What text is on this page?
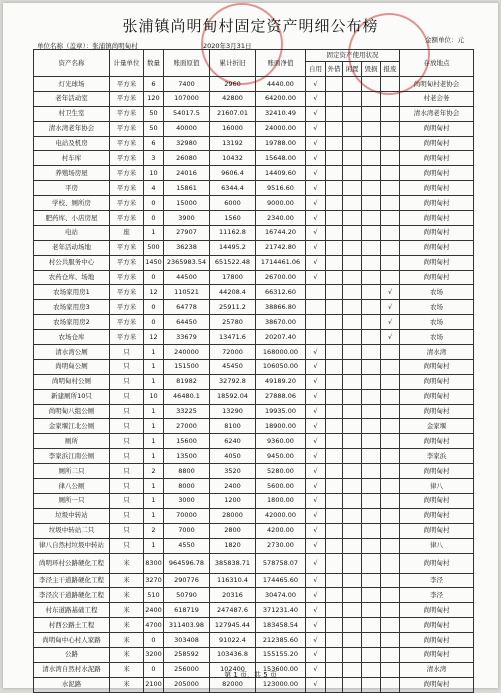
张浦镇尚明甸村固定资产明细公布榜
单位名称（盖章）：张浦镇尚明甸村	2020年3月31日
金额单位：元
资产名称	计量单位	数量	账面原值	累计折旧	账面净值	固定资产使用状况					存放地点
						自用	外借	闲置	毁损	报废	
灯光球场	平方米	6	7400	2960	4440.00	√					尚明甸村老协会
老年活动室	平方米	120	107000	42800	64200.00	√					村老会务
村卫生室	平方米	50	54017.5	21607.01	32410.49	√					清水湾老年协会
清水湾老年协会	平方米	50	40000	16000	24000.00	√					尚明甸村
电站及机房	平方米	6	32980	13192	19788.00	√					尚明甸村
村车库	平方米	3	26080	10432	15648.00	√					尚明甸村
养殖场房屋	平方米	10	24016	9606.4	14409.60	√					尚明甸村
平房	平方米	4	15861	6344.4	9516.60	√					尚明甸村
学校、厕所房	平方米	0	15000	6000	9000.00	√					尚明甸村
肥药库、小店房屋	平方米	0	3900	1560	2340.00	√					尚明甸村
电站	座	1	27907	11162.8	16744.20	√					尚明甸村
老年活动场地	平方米	500	36238	14495.2	21742.80	√					尚明甸村
村公共服务中心	平方米	1450	2365983.54	651522.48	1714461.06	√					尚明甸村
农药仓库、场地	平方米	0	44500	17800	26700.00	√					尚明甸村
农场家用房1	平方米	12	110521	44208.4	66312.60					√	农场
农场家用房3	平方米	0	64778	25911.2	38866.80					√	农场
农场家用房2	平方米	0	64450	25780	38670.00					√	农场
农场仓库	平方米	12	33679	13471.6	20207.40					√	农场
清水湾公厕	只	1	240000	72000	168000.00	√					清水湾
尚明甸公厕	只	1	151500	45450	106050.00	√					尚明甸村
尚明甸村公厕	只	1	81982	32792.8	49189.20	√					尚明甸村
新建厕所10只	只	10	46480.1	18592.04	27888.06	√					尚明甸村
尚明甸八组公厕	只	1	33225	13290	19935.00	√					尚明甸村
金家堰江北公厕	只	1	27000	8100	18900.00	√					金家堰
厕所	只	1	15600	6240	9360.00	√					尚明甸村
李家浜江南公厕	只	1	13500	4050	9450.00	√					李家浜
厕所二只	只	2	8800	3520	5280.00	√					尚明甸村
律八公厕	只	1	8000	2400	5600.00	√					律八
厕所一只	只	1	3000	1200	1800.00	√					尚明甸村
垃圾中转站	只	1	70000	28000	42000.00	√					尚明甸村
垃圾中转站二只	只	2	7000	2800	4200.00	√					尚明甸村
律八自然村垃圾中转站	只	1	4550	1820	2730.00	√					律八
尚明环村公路硬化工程	米	8300	964596.78	385838.71	578758.07	√					尚明甸村
李泾主干道路硬化工程	米	3270	290776	116310.4	174465.60	√					李泾
李泾次干道路硬化工程	米	510	50790	20316	30474.00	√					李泾
村东道路基础工程	米	2400	618719	247487.6	371231.40	√					尚明甸村
村西公路土工程	米	4700	311403.98	127945.44	183458.54	√					尚明甸村
尚明甸中心村人家路	米	0	303408	91022.4	212385.60	√					尚明甸村
公路	米	3200	258592	103436.8	155155.20	√					尚明甸村
清水湾自然村水泥路	米	0	256000	102400	153600.00	√					清水湾
水泥路	米	2100	205000	82000	123000.00	√					尚明甸村
第 1 页，共 5 页
